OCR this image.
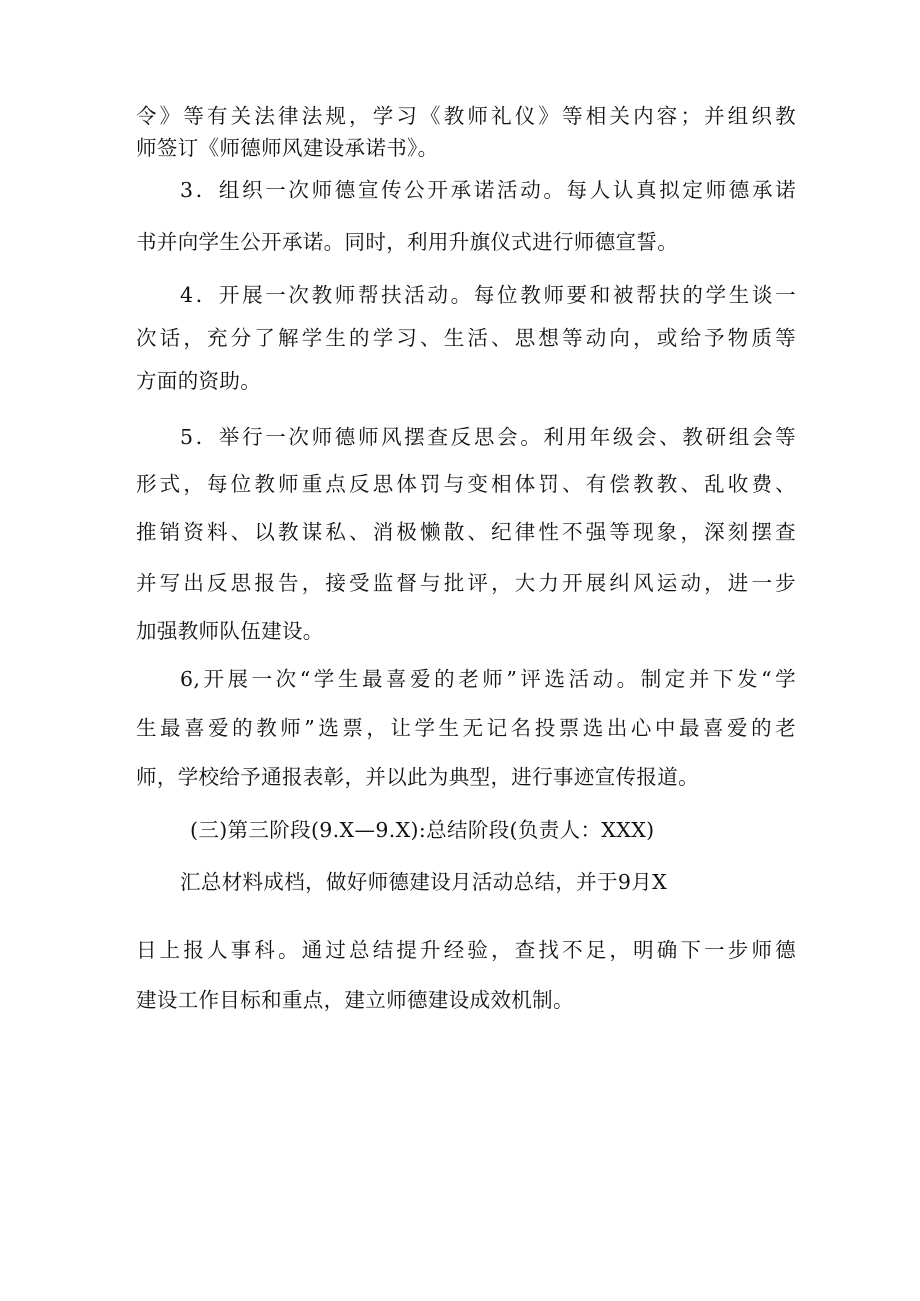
令》等有关法律法规，学习《教师礼仪》等相关内容；并组织教
师签订《师德师风建设承诺书》。
3．组织一次师德宣传公开承诺活动。每人认真拟定师德承诺
书并向学生公开承诺。同时，利用升旗仪式进行师德宣誓。
4．开展一次教师帮扶活动。每位教师要和被帮扶的学生谈一
次话，充分了解学生的学习、生活、思想等动向，或给予物质等
方面的资助。
5．举行一次师德师风摆查反思会。利用年级会、教研组会等
形式，每位教师重点反思体罚与变相体罚、有偿教教、乱收费、
推销资料、以教谋私、消极懒散、纪律性不强等现象，深刻摆查
并写出反思报告，接受监督与批评，大力开展纠风运动，进一步
加强教师队伍建设。
6,开展一次“学生最喜爱的老师”评选活动。制定并下发“学
生最喜爱的教师”选票，让学生无记名投票选出心中最喜爱的老
师，学校给予通报表彰，并以此为典型，进行事迹宣传报道。
(三)第三阶段(9.X—9.X):总结阶段(负责人：XXX)
汇总材料成档，做好师德建设月活动总结，并于9月X
日上报人事科。通过总结提升经验，查找不足，明确下一步师德
建设工作目标和重点，建立师德建设成效机制。
